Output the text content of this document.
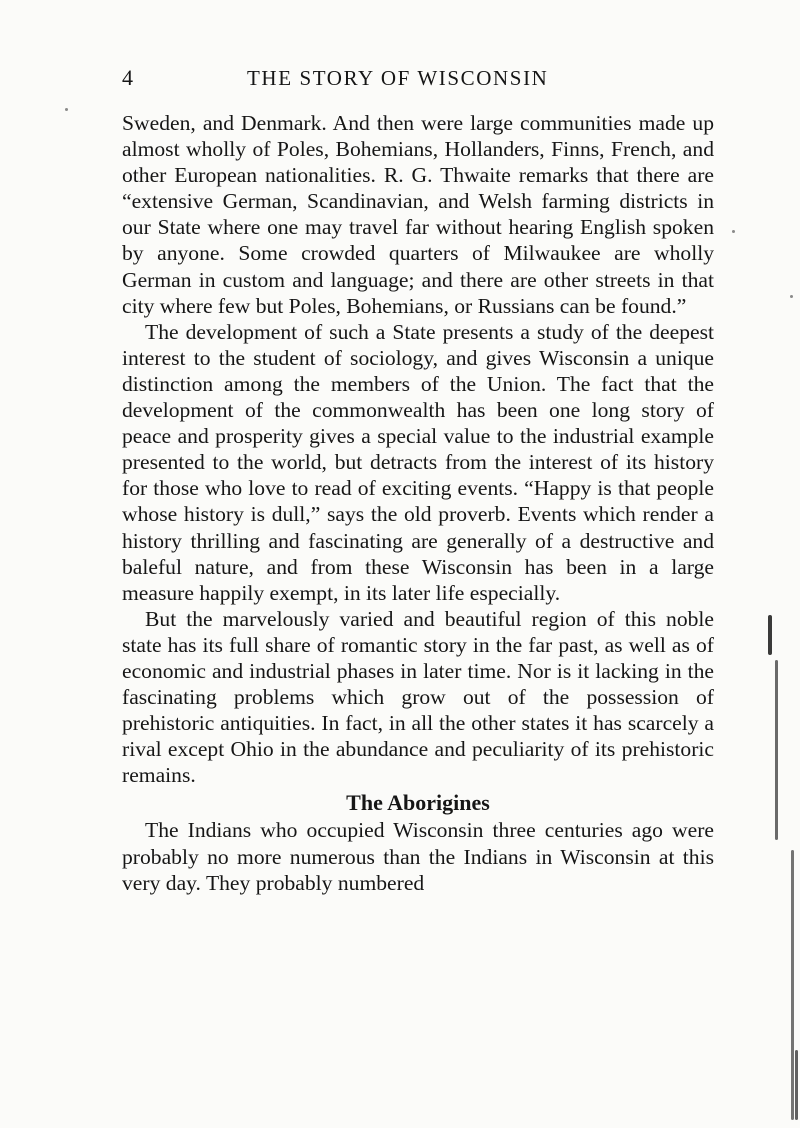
4	THE STORY OF WISCONSIN

Sweden, and Denmark. And then were large communities made up almost wholly of Poles, Bohemians, Hollanders, Finns, French, and other European nationalities. R. G. Thwaite remarks that there are “extensive German, Scandinavian, and Welsh farming districts in our State where one may travel far without hearing English spoken by anyone. Some crowded quarters of Milwaukee are wholly German in custom and language; and there are other streets in that city where few but Poles, Bohemians, or Russians can be found.”

The development of such a State presents a study of the deepest interest to the student of sociology, and gives Wisconsin a unique distinction among the members of the Union. The fact that the development of the commonwealth has been one long story of peace and prosperity gives a special value to the industrial example presented to the world, but detracts from the interest of its history for those who love to read of exciting events. “Happy is that people whose history is dull,” says the old proverb. Events which render a history thrilling and fascinating are generally of a destructive and baleful nature, and from these Wisconsin has been in a large measure happily exempt, in its later life especially.

But the marvelously varied and beautiful region of this noble state has its full share of romantic story in the far past, as well as of economic and industrial phases in later time. Nor is it lacking in the fascinating problems which grow out of the possession of prehistoric antiquities. In fact, in all the other states it has scarcely a rival except Ohio in the abundance and peculiarity of its prehistoric remains.

The Aborigines

The Indians who occupied Wisconsin three centuries ago were probably no more numerous than the Indians in Wisconsin at this very day. They probably numbered
